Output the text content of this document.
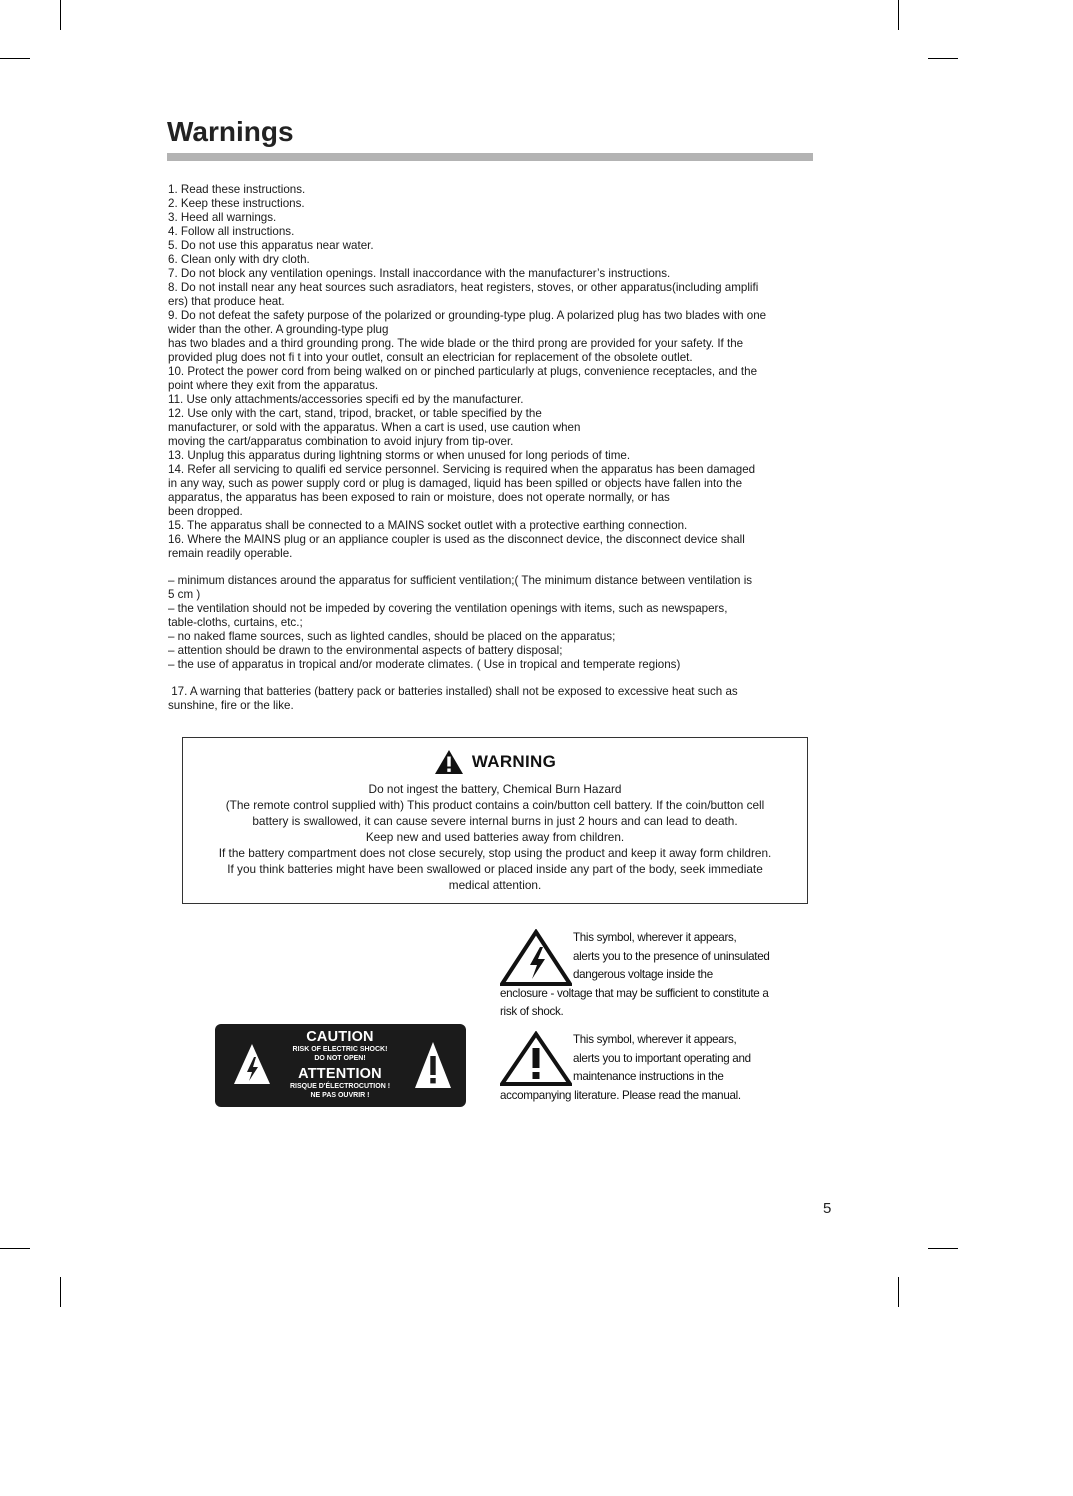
Warnings
1. Read these instructions.
2. Keep these instructions.
3. Heed all warnings.
4. Follow all instructions.
5. Do not use this apparatus near water.
6. Clean only with dry cloth.
7. Do not block any ventilation openings. Install inaccordance with the manufacturer’s instructions.
8. Do not install near any heat sources such asradiators, heat registers, stoves, or other apparatus(including amplifi
ers) that produce heat.
9. Do not defeat the safety purpose of the polarized or grounding-type plug. A polarized plug has two blades with one
wider than the other. A grounding-type plug
has two blades and a third grounding prong. The wide blade or the third prong are provided for your safety. If the
provided plug does not fi t into your outlet, consult an electrician for replacement of the obsolete outlet.
10. Protect the power cord from being walked on or pinched particularly at plugs, convenience receptacles, and the
point where they exit from the apparatus.
11. Use only attachments/accessories specifi ed by the manufacturer.
12. Use only with the cart, stand, tripod, bracket, or table specified by the
manufacturer, or sold with the apparatus. When a cart is used, use caution when
moving the cart/apparatus combination to avoid injury from tip-over.
13. Unplug this apparatus during lightning storms or when unused for long periods of time.
14. Refer all servicing to qualifi ed service personnel. Servicing is required when the apparatus has been damaged
in any way, such as power supply cord or plug is damaged, liquid has been spilled or objects have fallen into the
apparatus, the apparatus has been exposed to rain or moisture, does not operate normally, or has
been dropped.
15. The apparatus shall be connected to a MAINS socket outlet with a protective earthing connection.
16. Where the MAINS plug or an appliance coupler is used as the disconnect device, the disconnect device shall
remain readily operable.
– minimum distances around the apparatus for sufficient ventilation;( The minimum distance between ventilation is
5 cm )
– the ventilation should not be impeded by covering the ventilation openings with items, such as newspapers,
table-cloths, curtains, etc.;
– no naked flame sources, such as lighted candles, should be placed on the apparatus;
– attention should be drawn to the environmental aspects of battery disposal;
– the use of apparatus in tropical and/or moderate climates. ( Use in tropical and temperate regions)
17. A warning that batteries (battery pack or batteries installed) shall not be exposed to excessive heat such as
sunshine, fire or the like.
WARNING
Do not ingest the battery, Chemical Burn Hazard
(The remote control supplied with) This product contains a coin/button cell battery. If the coin/button cell
battery is swallowed, it can cause severe internal burns in just 2 hours and can lead to death.
Keep new and used batteries away from children.
If the battery compartment does not close securely, stop using the product and keep it away form children.
If you think batteries might have been swallowed or placed inside any part of the body, seek immediate
medical attention.
CAUTION
RISK OF ELECTRIC SHOCK!
DO NOT OPEN!
ATTENTION
RISQUE D'ÉLECTROCUTION !
NE PAS OUVRIR !
This symbol, wherever it appears,
alerts you to the presence of uninsulated
dangerous voltage inside the
enclosure - voltage that may be sufficient to constitute a
risk of shock.
This symbol, wherever it appears,
alerts you to important operating and
maintenance instructions in the
accompanying literature. Please read the manual.
5
